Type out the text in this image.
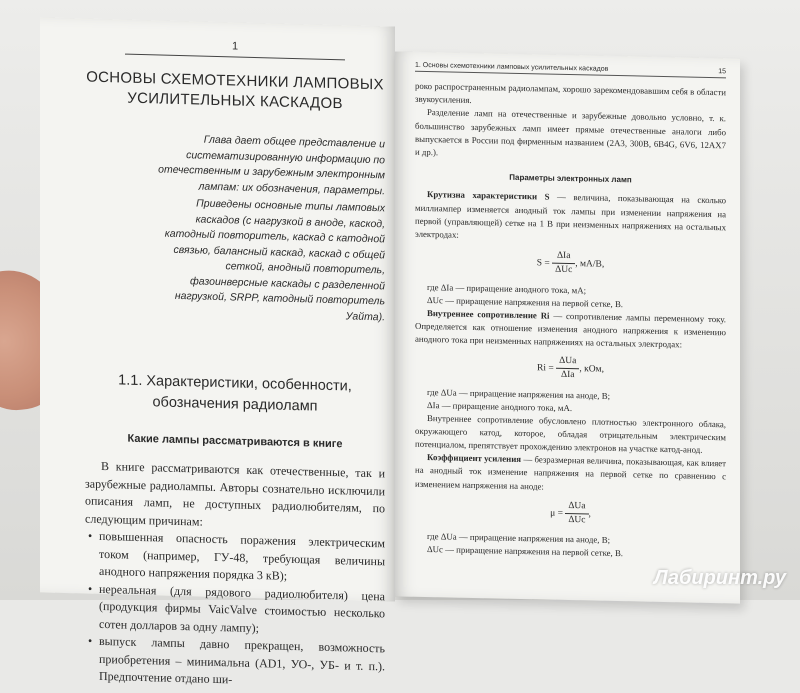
1
ОСНОВЫ СХЕМОТЕХНИКИ ЛАМПОВЫХ
УСИЛИТЕЛЬНЫХ КАСКАДОВ

Глава дает общее представление и систематизированную информацию по отечественным и зарубежным электронным лампам: их обозначения, параметры.

Приведены основные типы ламповых каскадов (с нагрузкой в аноде, каскод, катодный повторитель, каскад с катодной связью, балансный каскад, каскад с общей сеткой, анодный повторитель, фазоинверсные каскады с разделенной нагрузкой, SRPP, катодный повторитель Уайта).

1.1. Характеристики, особенности,
обозначения радиоламп
Какие лампы рассматриваются в книге

В книге рассматриваются как отечественные, так и зарубежные радиолампы. Авторы сознательно исключили описания ламп, не доступных радиолюбителям, по следующим причинам:

• повышенная опасность поражения электрическим током (например, ГУ-48, требующая величины анодного напряжения порядка 3 кВ);
• нереальная (для рядового радиолюбителя) цена (продукция фирмы VaicValve стоимостью несколько сотен долларов за одну лампу);
• выпуск лампы давно прекращен, возможность приобретения – минимальна (AD1, УО-, УБ- и т. п.). Предпочтение отдано ши-
1. Основы схемотехники ламповых усилительных каскадов	15

роко распространенным радиолампам, хорошо зарекомендовавшим себя в области звукоусиления.

Разделение ламп на отечественные и зарубежные довольно условно, т. к. большинство зарубежных ламп имеет прямые отечественные аналоги либо выпускается в России под фирменным названием (2А3, 300В, 6В4G, 6V6, 12АХ7 и др.).

Параметры электронных ламп

Крутизна характеристики S — величина, показывающая на сколько миллиампер изменяется анодный ток лампы при изменении напряжения на первой (управляющей) сетке на 1 В при неизменных напряжениях на остальных электродах:

$S = \frac{\text{ΔIа}}{\text{ΔUс}}$ , мА/В,
где ΔIа — приращение анодного тока, мА;
ΔUс — приращение напряжения на первой сетке, В.

Внутреннее сопротивление Ri — сопротивление лампы переменному току. Определяется как отношение изменения анодного напряжения к изменению анодного тока при неизменных напряжениях на остальных электродах:

$Ri = \frac{\text{ΔUа}}{\text{ΔIа}}$ , кОм,
где ΔUа — приращение напряжения на аноде, В;
ΔIа — приращение анодного тока, мА.

Внутреннее сопротивление обусловлено плотностью электронного облака, окружающего катод, которое, обладая отрицательным электрическим потенциалом, препятствует прохождению электронов на участке катод-анод.

Коэффициент усиления — безразмерная величина, показывающая, как влияет на анодный ток изменение напряжения на первой сетке по сравнению с изменением напряжения на аноде:

$\mu = \frac{\text{ΔUа}}{\text{ΔUс}}$ ,
где ΔUа — приращение напряжения на аноде, В;
ΔUс — приращение напряжения на первой сетке, В.
Лабиринт.ру
